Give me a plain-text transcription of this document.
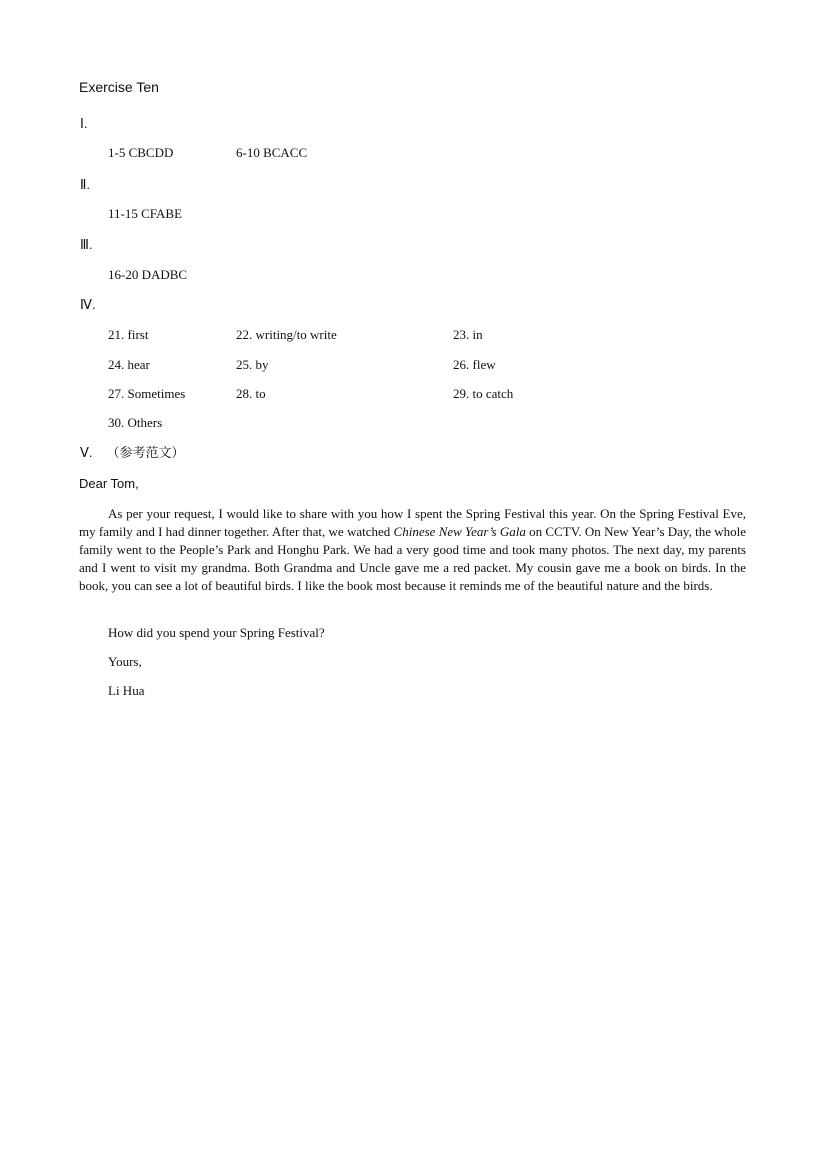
Exercise Ten
Ⅰ.
1-5 CBCDD	6-10 BCACC
Ⅱ.
11-15 CFABE
Ⅲ.
16-20 DADBC
Ⅳ.
21. first	22. writing/to write	23. in
24. hear	25. by	26. flew
27. Sometimes	28. to	29. to catch
30. Others
Ⅴ. （参考范文）
Dear Tom,

As per your request, I would like to share with you how I spent the Spring Festival this year. On the Spring Festival Eve, my family and I had dinner together. After that, we watched Chinese New Year’s Gala on CCTV. On New Year’s Day, the whole family went to the People’s Park and Honghu Park. We had a very good time and took many photos. The next day, my parents and I went to visit my grandma. Both Grandma and Uncle gave me a red packet. My cousin gave me a book on birds. In the book, you can see a lot of beautiful birds. I like the book most because it reminds me of the beautiful nature and the birds.

How did you spend your Spring Festival?
Yours,
Li Hua
